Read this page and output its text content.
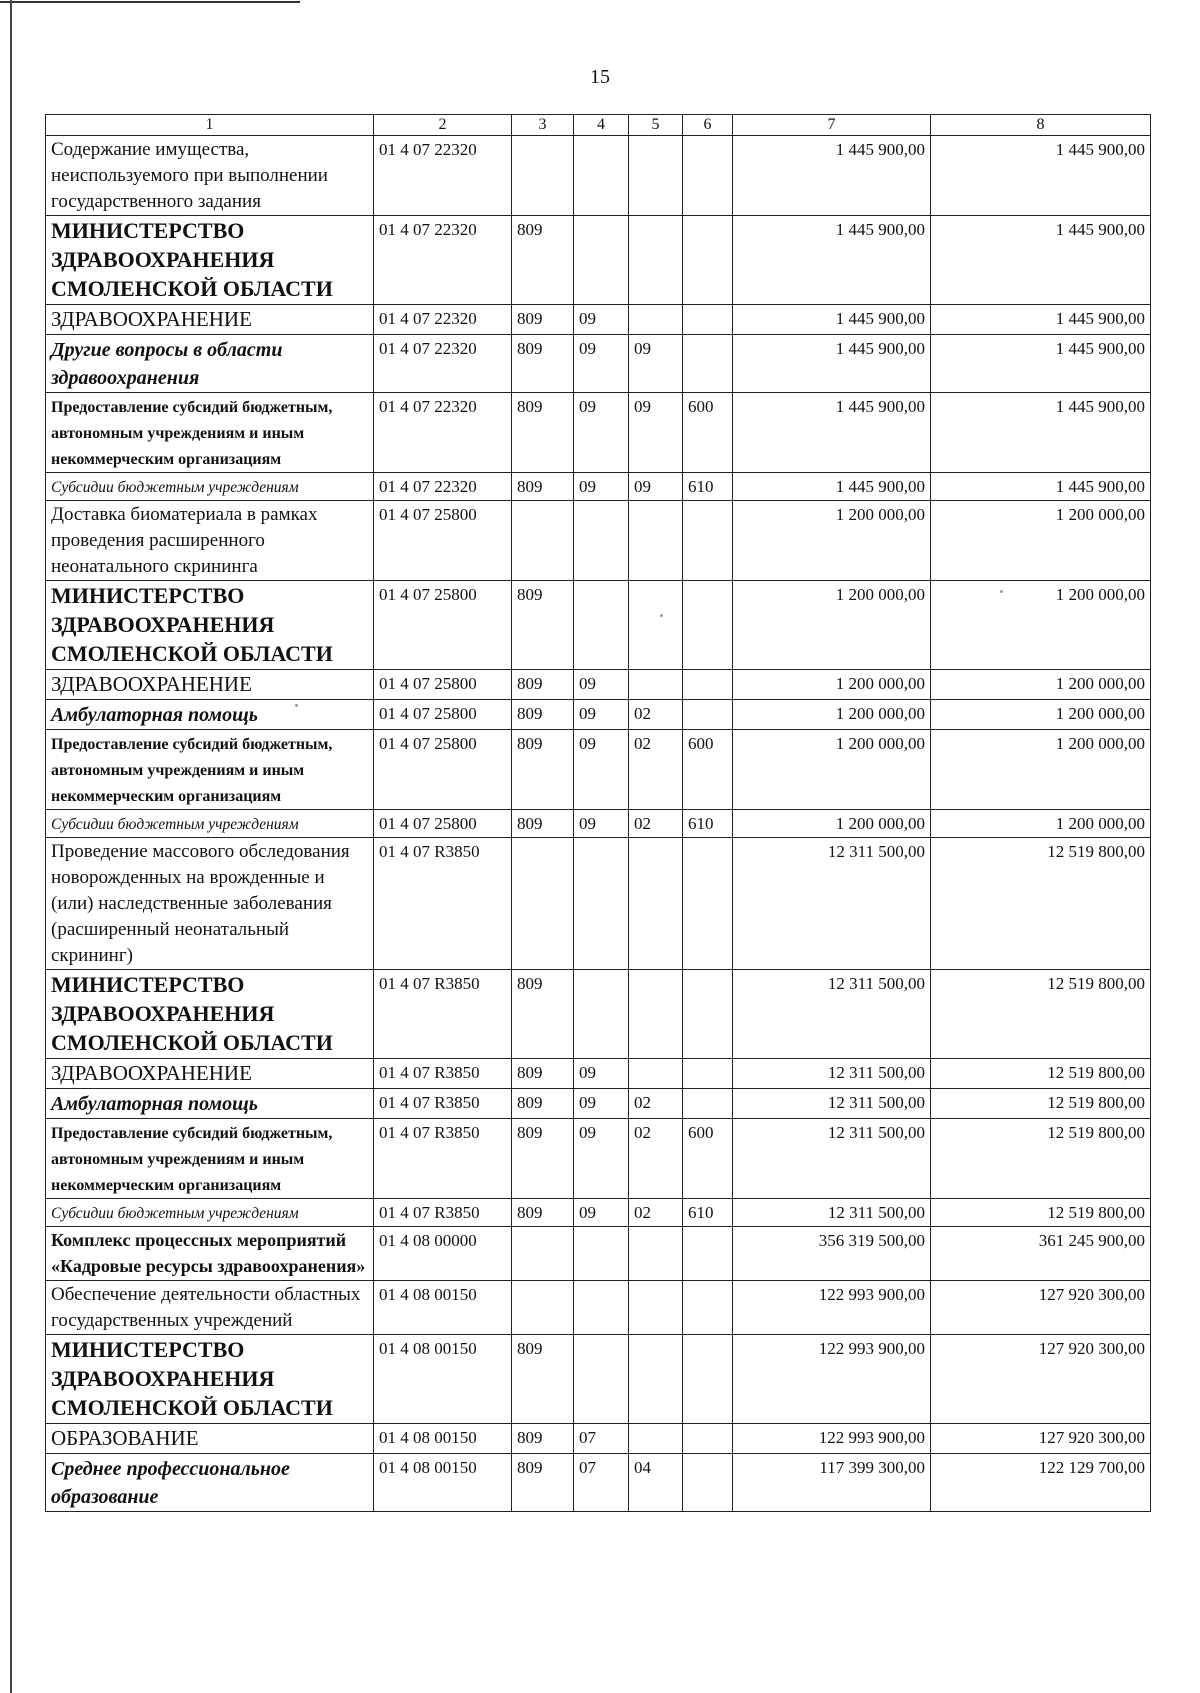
15
1	2	3	4	5	6	7	8
Содержание имущества, неиспользуемого при выполнении государственного задания	01 4 07 22320					1 445 900,00	1 445 900,00
МИНИСТЕРСТВО ЗДРАВООХРАНЕНИЯ СМОЛЕНСКОЙ ОБЛАСТИ	01 4 07 22320	809				1 445 900,00	1 445 900,00
ЗДРАВООХРАНЕНИЕ	01 4 07 22320	809	09			1 445 900,00	1 445 900,00
Другие вопросы в области здравоохранения	01 4 07 22320	809	09	09		1 445 900,00	1 445 900,00
Предоставление субсидий бюджетным, автономным учреждениям и иным некоммерческим организациям	01 4 07 22320	809	09	09	600	1 445 900,00	1 445 900,00
Субсидии бюджетным учреждениям	01 4 07 22320	809	09	09	610	1 445 900,00	1 445 900,00
Доставка биоматериала в рамках проведения расширенного неонатального скрининга	01 4 07 25800					1 200 000,00	1 200 000,00
МИНИСТЕРСТВО ЗДРАВООХРАНЕНИЯ СМОЛЕНСКОЙ ОБЛАСТИ	01 4 07 25800	809				1 200 000,00	1 200 000,00
ЗДРАВООХРАНЕНИЕ	01 4 07 25800	809	09			1 200 000,00	1 200 000,00
Амбулаторная помощь	01 4 07 25800	809	09	02		1 200 000,00	1 200 000,00
Предоставление субсидий бюджетным, автономным учреждениям и иным некоммерческим организациям	01 4 07 25800	809	09	02	600	1 200 000,00	1 200 000,00
Субсидии бюджетным учреждениям	01 4 07 25800	809	09	02	610	1 200 000,00	1 200 000,00
Проведение массового обследования новорожденных на врожденные и (или) наследственные заболевания (расширенный неонатальный скрининг)	01 4 07 R3850					12 311 500,00	12 519 800,00
МИНИСТЕРСТВО ЗДРАВООХРАНЕНИЯ СМОЛЕНСКОЙ ОБЛАСТИ	01 4 07 R3850	809				12 311 500,00	12 519 800,00
ЗДРАВООХРАНЕНИЕ	01 4 07 R3850	809	09			12 311 500,00	12 519 800,00
Амбулаторная помощь	01 4 07 R3850	809	09	02		12 311 500,00	12 519 800,00
Предоставление субсидий бюджетным, автономным учреждениям и иным некоммерческим организациям	01 4 07 R3850	809	09	02	600	12 311 500,00	12 519 800,00
Субсидии бюджетным учреждениям	01 4 07 R3850	809	09	02	610	12 311 500,00	12 519 800,00
Комплекс процессных мероприятий «Кадровые ресурсы здравоохранения»	01 4 08 00000					356 319 500,00	361 245 900,00
Обеспечение деятельности областных государственных учреждений	01 4 08 00150					122 993 900,00	127 920 300,00
МИНИСТЕРСТВО ЗДРАВООХРАНЕНИЯ СМОЛЕНСКОЙ ОБЛАСТИ	01 4 08 00150	809				122 993 900,00	127 920 300,00
ОБРАЗОВАНИЕ	01 4 08 00150	809	07			122 993 900,00	127 920 300,00
Среднее профессиональное образование	01 4 08 00150	809	07	04		117 399 300,00	122 129 700,00
